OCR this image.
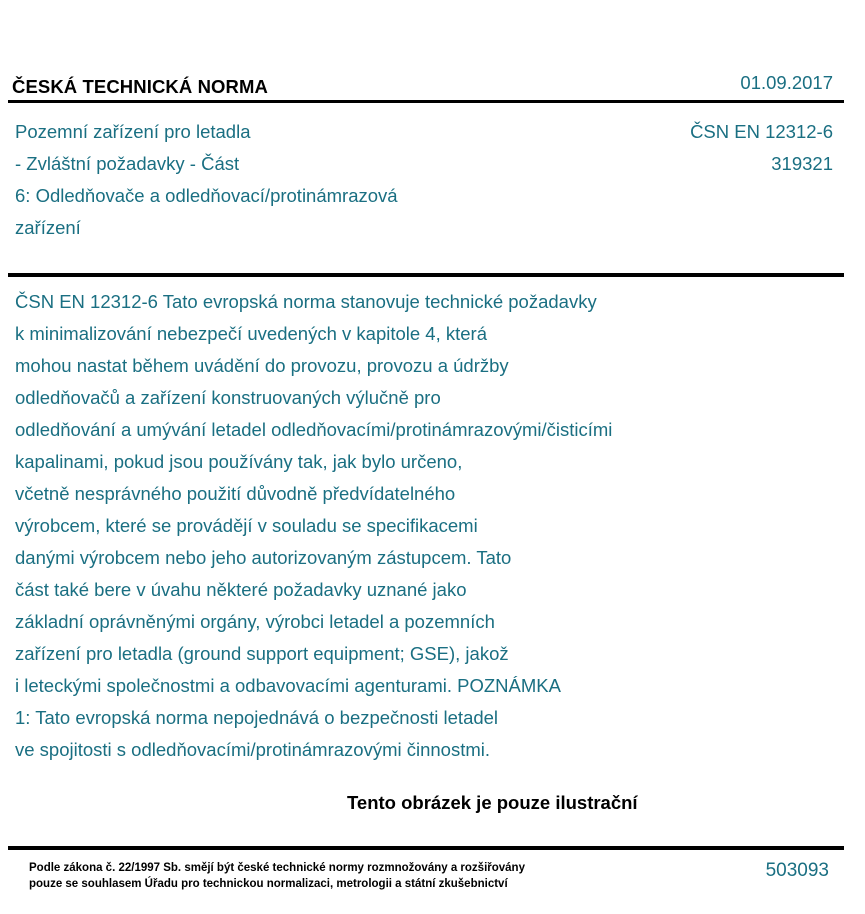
ČESKÁ TECHNICKÁ NORMA	01.09.2017
Pozemní zařízení pro letadla
- Zvláštní požadavky - Část
6: Odledňovače a odledňovací/protinámrazová
zařízení
ČSN EN 12312-6
319321
ČSN EN 12312-6 Tato evropská norma stanovuje technické požadavky
k minimalizování nebezpečí uvedených v kapitole 4, která
mohou nastat během uvádění do provozu, provozu a údržby
odledňovačů a zařízení konstruovaných výlučně pro
odledňování a umývání letadel odledňovacími/protinámrazovými/čisticími
kapalinami, pokud jsou používány tak, jak bylo určeno,
včetně nesprávného použití důvodně předvídatelného
výrobcem, které se provádějí v souladu se specifikacemi
danými výrobcem nebo jeho autorizovaným zástupcem. Tato
část také bere v úvahu některé požadavky uznané jako
základní oprávněnými orgány, výrobci letadel a pozemních
zařízení pro letadla (ground support equipment; GSE), jakož
i leteckými společnostmi a odbavovacími agenturami. POZNÁMKA
1: Tato evropská norma nepojednává o bezpečnosti letadel
ve spojitosti s odledňovacími/protinámrazovými činnostmi.
Tento obrázek je pouze ilustrační
Podle zákona č. 22/1997 Sb. smějí být české technické normy rozmnožovány a rozšiřovány
pouze se souhlasem Úřadu pro technickou normalizaci, metrologii a státní zkušebnictví
503093
